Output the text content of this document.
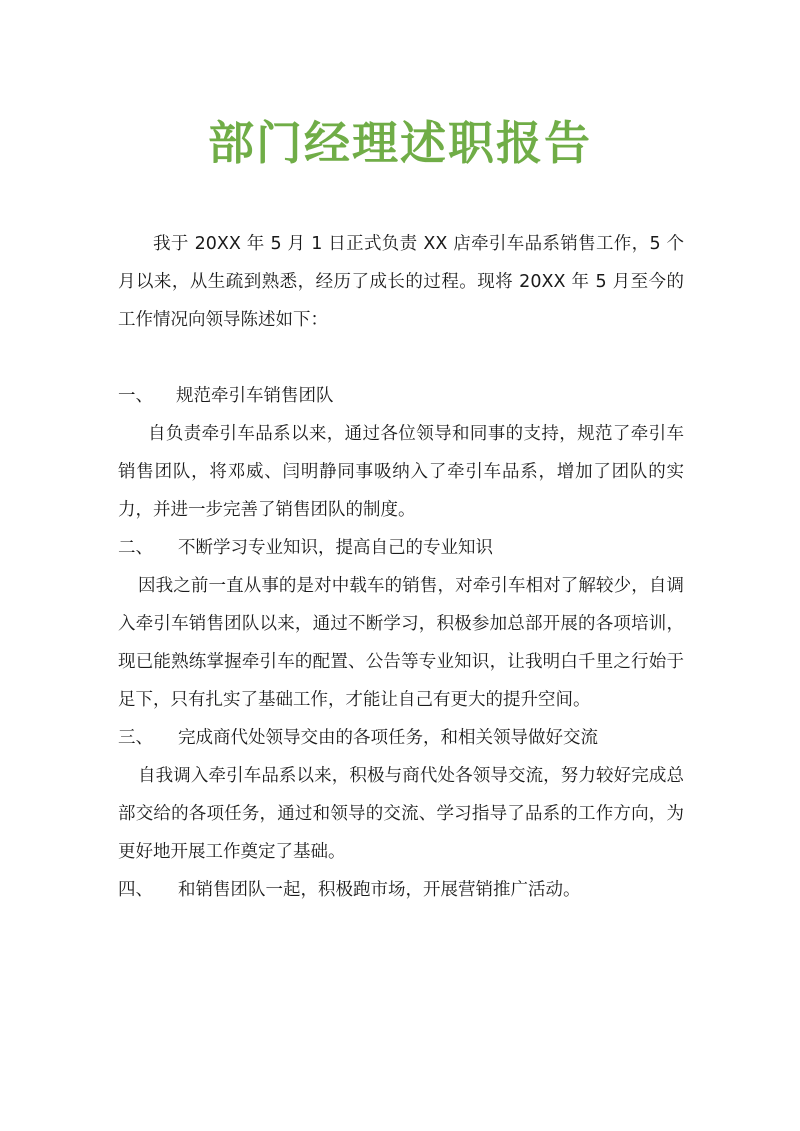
部门经理述职报告

我于 20XX 年 5 月 1 日正式负责 XX 店牵引车品系销售工作，5 个月以来，从生疏到熟悉，经历了成长的过程。现将 20XX 年 5 月至今的工作情况向领导陈述如下：

一、 规范牵引车销售团队

自负责牵引车品系以来，通过各位领导和同事的支持，规范了牵引车销售团队，将邓威、闫明静同事吸纳入了牵引车品系，增加了团队的实力，并进一步完善了销售团队的制度。

二、 不断学习专业知识，提高自己的专业知识

因我之前一直从事的是对中载车的销售，对牵引车相对了解较少，自调入牵引车销售团队以来，通过不断学习，积极参加总部开展的各项培训，现已能熟练掌握牵引车的配置、公告等专业知识，让我明白千里之行始于足下，只有扎实了基础工作，才能让自己有更大的提升空间。

三、 完成商代处领导交由的各项任务，和相关领导做好交流

自我调入牵引车品系以来，积极与商代处各领导交流，努力较好完成总部交给的各项任务，通过和领导的交流、学习指导了品系的工作方向，为更好地开展工作奠定了基础。

四、 和销售团队一起，积极跑市场，开展营销推广活动。
